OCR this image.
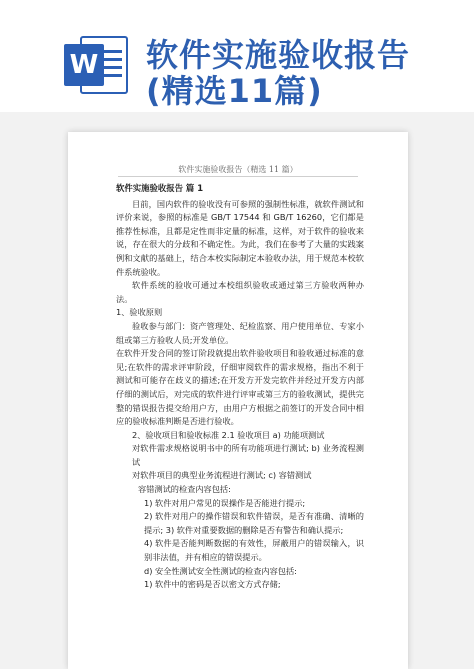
W 软件实施验收报告
(精选11篇)
软件实施验收报告（精选 11 篇）

软件实施验收报告 篇 1

目前，国内软件的验收没有可参照的强制性标准，就软件测试和评价来说，参照的标准是 GB/T 17544 和 GB/T 16260，它们都是推荐性标准，且都是定性而非定量的标准，这样，对于软件的验收来说，存在很大的分歧和不确定性。为此，我们在参考了大量的实践案例和文献的基础上，结合本校实际制定本验收办法，用于规范本校软件系统验收。

软件系统的验收可通过本校组织验收或通过第三方验收两种办法。

1、验收原则

验收参与部门：资产管理处、纪检监察、用户使用单位、专家小组或第三方验收人员;开发单位。

在软件开发合同的签订阶段就提出软件验收项目和验收通过标准的意见;在软件的需求评审阶段，仔细审阅软件的需求规格，指出不利于测试和可能存在歧义的描述;在开发方开发完软件并经过开发方内部仔细的测试后，对完成的软件进行评审或第三方的验收测试，提供完整的错误报告提交给用户方，由用户方根据之前签订的开发合同中相应的验收标准判断是否进行验收。

2、验收项目和验收标准 2.1 验收项目 a) 功能项测试

对软件需求规格说明书中的所有功能项进行测试; b) 业务流程测试

对软件项目的典型业务流程进行测试; c) 容错测试

容错测试的检查内容包括:

1) 软件对用户常见的误操作是否能进行提示;

2) 软件对用户的操作错误和软件错误，是否有准确、清晰的提示; 3) 软件对重要数据的删除是否有警告和确认提示;

4) 软件是否能判断数据的有效性，屏蔽用户的错误输入，识别非法值，并有相应的错误提示。

d) 安全性测试安全性测试的检查内容包括:

1) 软件中的密码是否以密文方式存储;
